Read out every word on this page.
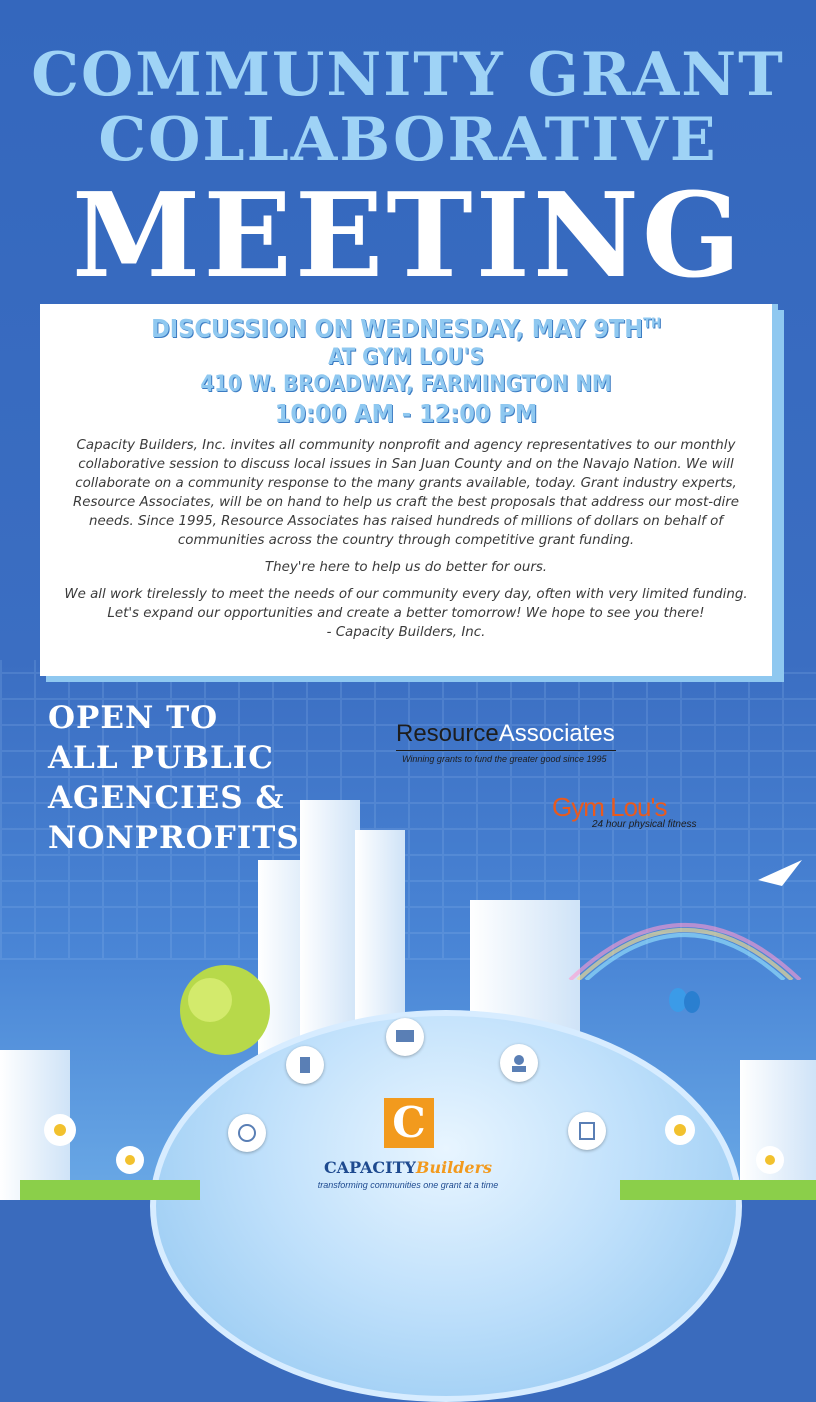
COMMUNITY GRANT
COLLABORATIVE
MEETING
DISCUSSION ON WEDNESDAY, MAY $9TH^{TH}$
AT GYM LOU'S
410 W. BROADWAY, FARMINGTON NM
10:00 AM - 12:00 PM

Capacity Builders, Inc. invites all community nonprofit and agency representatives to our monthly collaborative session to discuss local issues in San Juan County and on the Navajo Nation. We will collaborate on a community response to the many grants available, today. Grant industry experts, Resource Associates, will be on hand to help us craft the best proposals that address our most-dire needs. Since 1995, Resource Associates has raised hundreds of millions of dollars on behalf of communities across the country through competitive grant funding.

They're here to help us do better for ours.

We all work tirelessly to meet the needs of our community every day, often with very limited funding. Let's expand our opportunities and create a better tomorrow! We hope to see you there!

- Capacity Builders, Inc.

OPEN TO
ALL PUBLIC
AGENCIES &
NONPROFITS
ResourceAssociates
Winning grants to fund the greater good since 1995
Gym Lou's
24 hour physical fitness
C
CAPACITYBuilders
transforming communities one grant at a time
